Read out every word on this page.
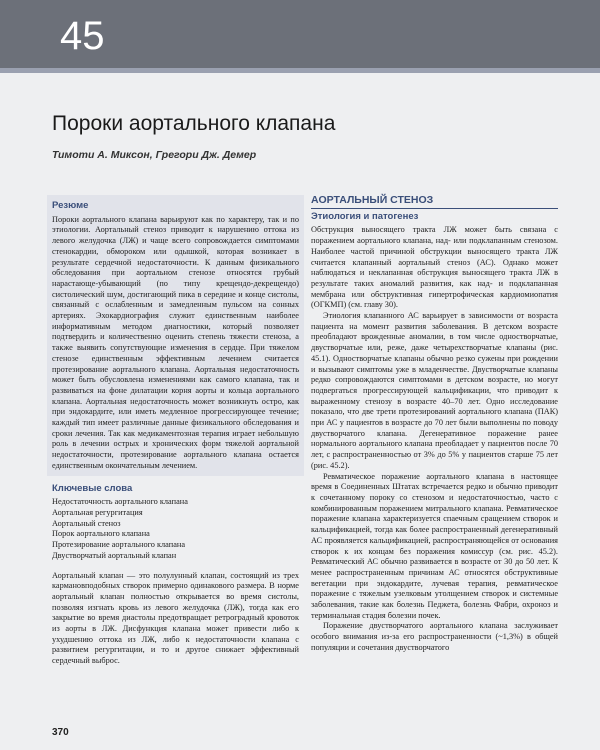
45
Пороки аортального клапана
Тимоти А. Миксон, Грегори Дж. Демер
Резюме

Пороки аортального клапана варьируют как по характеру, так и по этиологии. Аортальный стеноз приводит к нарушению оттока из левого желудочка (ЛЖ) и чаще всего сопровождается симптомами стенокардии, обмороком или одышкой, которая возникает в результате сердечной недостаточности. К данным физикального обследования при аортальном стенозе относятся грубый нарастающе-убывающий (по типу крещендо-декрещендо) систолический шум, достигающий пика в середине и конце систолы, связанный с ослабленным и замедленным пульсом на сонных артериях. Эхокардиография служит единственным наиболее информативным методом диагностики, который позволяет подтвердить и количественно оценить степень тяжести стеноза, а также выявить сопутствующие изменения в сердце. При тяжелом стенозе единственным эффективным лечением считается протезирование аортального клапана. Аортальная недостаточность может быть обусловлена изменениями как самого клапана, так и развиваться на фоне дилатации корня аорты и кольца аортального клапана. Аортальная недостаточность может возникнуть остро, как при эндокардите, или иметь медленное прогрессирующее течение; каждый тип имеет различные данные физикального обследования и сроки лечения. Так как медикаментозная терапия играет небольшую роль в лечении острых и хронических форм тяжелой аортальной недостаточности, протезирование аортального клапана остается единственным окончательным лечением.

Ключевые слова
Недостаточность аортального клапана
Аортальная регургитация
Аортальный стеноз
Порок аортального клапана
Протезирование аортального клапана
Двустворчатый аортальный клапан

Аортальный клапан — это полулунный клапан, состоящий из трех кармановподобных створок примерно одинакового размера. В норме аортальный клапан полностью открывается во время систолы, позволяя изгнать кровь из левого желудочка (ЛЖ), тогда как его закрытие во время диастолы предотвращает ретроградный кровоток из аорты в ЛЖ. Дисфункция клапана может привести либо к ухудшению оттока из ЛЖ, либо к недостаточности клапана с развитием регургитации, и то и другое снижает эффективный сердечный выброс.

АОРТАЛЬНЫЙ СТЕНОЗ
Этиология и патогенез

Обструкция выносящего тракта ЛЖ может быть связана с поражением аортального клапана, над- или подклапанным стенозом. Наиболее частой причиной обструкции выносящего тракта ЛЖ считается клапанный аортальный стеноз (АС). Однако может наблюдаться и неклапанная обструкция выносящего тракта ЛЖ в результате таких аномалий развития, как над- и подклапанная мембрана или обструктивная гипертрофическая кардиомиопатия (ОГКМП) (см. главу 30).

Этиология клапанного АС варьирует в зависимости от возраста пациента на момент развития заболевания. В детском возрасте преобладают врожденные аномалии, в том числе одностворчатые, двустворчатые или, реже, даже четырехстворчатые клапаны (рис. 45.1). Одностворчатые клапаны обычно резко сужены при рождении и вызывают симптомы уже в младенчестве. Двустворчатые клапаны редко сопровождаются симптомами в детском возрасте, но могут подвергаться прогрессирующей кальцификации, что приводит к выраженному стенозу в возрасте 40–70 лет. Одно исследование показало, что две трети протезирований аортального клапана (ПАК) при АС у пациентов в возрасте до 70 лет были выполнены по поводу двустворчатого клапана. Дегенеративное поражение ранее нормального аортального клапана преобладает у пациентов после 70 лет, с распространенностью от 3% до 5% у пациентов старше 75 лет (рис. 45.2).

Ревматическое поражение аортального клапана в настоящее время в Соединенных Штатах встречается редко и обычно приводит к сочетанному пороку со стенозом и недостаточностью, часто с комбинированным поражением митрального клапана. Ревматическое поражение клапана характеризуется спаечным сращением створок и кальцификацией, тогда как более распространенный дегенеративный АС проявляется кальцификацией, распространяющейся от основания створок к их концам без поражения комиссур (см. рис. 45.2). Ревматический АС обычно развивается в возрасте от 30 до 50 лет. К менее распространенным причинам АС относятся обструктивные вегетации при эндокардите, лучевая терапия, ревматическое поражение с тяжелым узелковым утолщением створок и системные заболевания, такие как болезнь Педжета, болезнь Фабри, охроноз и терминальная стадия болезни почек.

Поражение двустворчатого аортального клапана заслуживает особого внимания из-за его распространенности (~1,3%) в общей популяции и сочетания двустворчатого

370
